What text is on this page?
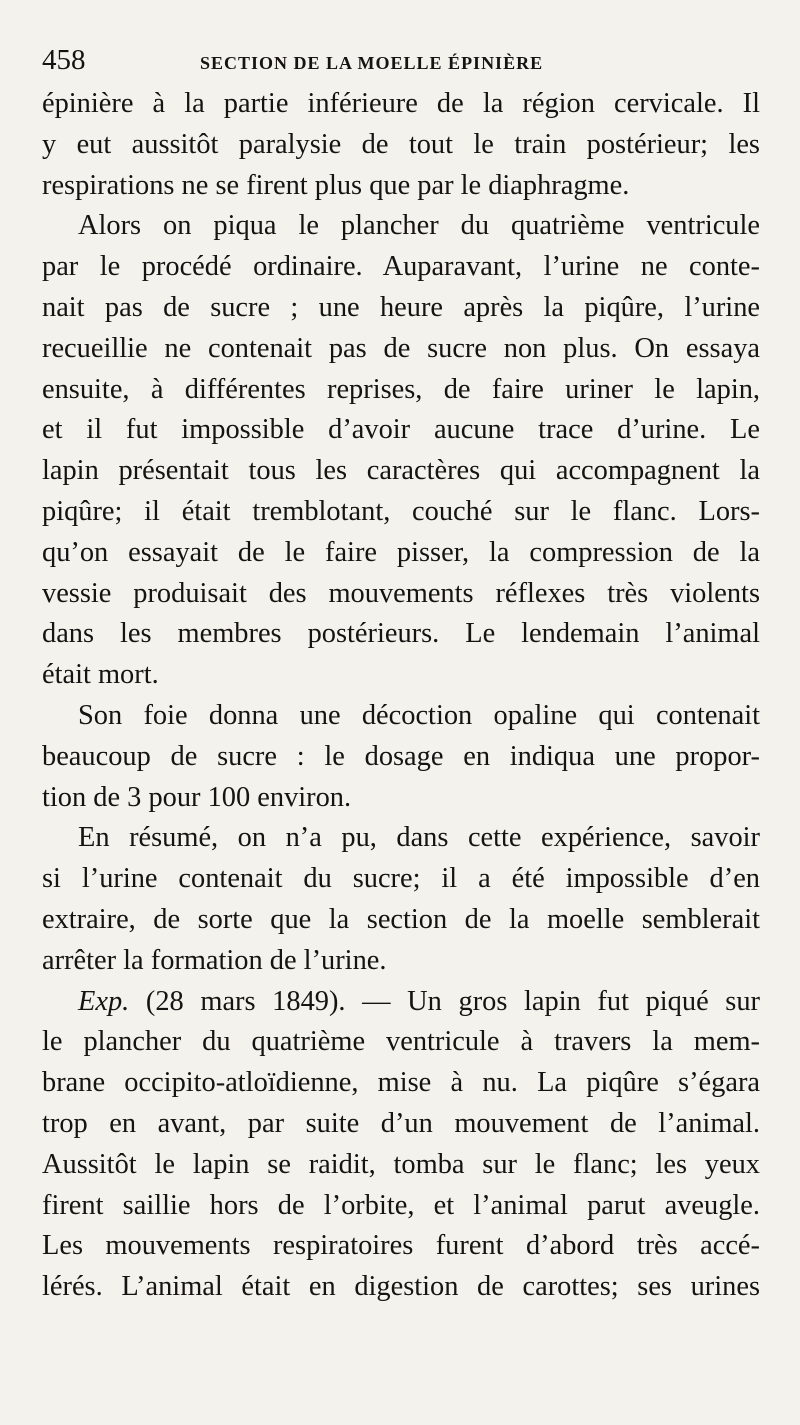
458	SECTION DE LA MOELLE ÉPINIÈRE
épinière à la partie inférieure de la région cervicale. Il
y eut aussitôt paralysie de tout le train postérieur; les
respirations ne se firent plus que par le diaphragme.
Alors on piqua le plancher du quatrième ventricule
par le procédé ordinaire. Auparavant, l’urine ne conte-
nait pas de sucre ; une heure après la piqûre, l’urine
recueillie ne contenait pas de sucre non plus. On essaya
ensuite, à différentes reprises, de faire uriner le lapin,
et il fut impossible d’avoir aucune trace d’urine. Le
lapin présentait tous les caractères qui accompagnent la
piqûre; il était tremblotant, couché sur le flanc. Lors-
qu’on essayait de le faire pisser, la compression de la
vessie produisait des mouvements réflexes très violents
dans les membres postérieurs. Le lendemain l’animal
était mort.
Son foie donna une décoction opaline qui contenait
beaucoup de sucre : le dosage en indiqua une propor-
tion de 3 pour 100 environ.
En résumé, on n’a pu, dans cette expérience, savoir
si l’urine contenait du sucre; il a été impossible d’en
extraire, de sorte que la section de la moelle semblerait
arrêter la formation de l’urine.
Exp. (28 mars 1849). — Un gros lapin fut piqué sur
le plancher du quatrième ventricule à travers la mem-
brane occipito-atloïdienne, mise à nu. La piqûre s’égara
trop en avant, par suite d’un mouvement de l’animal.
Aussitôt le lapin se raidit, tomba sur le flanc; les yeux
firent saillie hors de l’orbite, et l’animal parut aveugle.
Les mouvements respiratoires furent d’abord très accé-
lérés. L’animal était en digestion de carottes; ses urines
